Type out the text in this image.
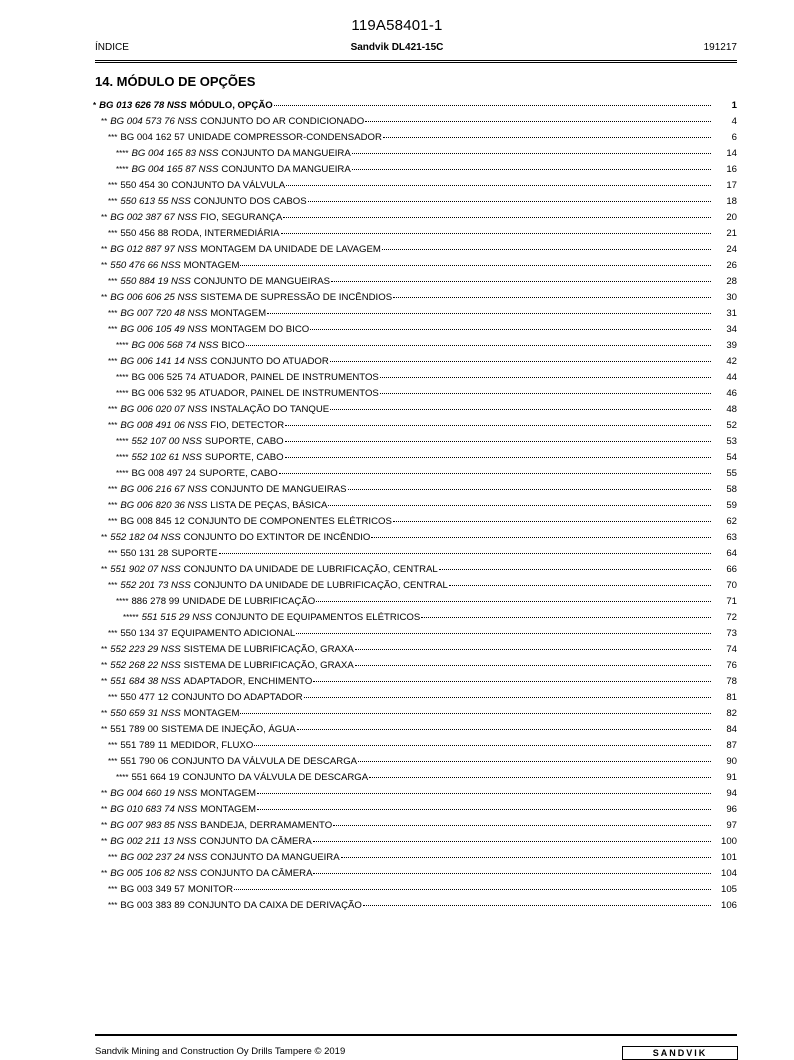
119A58401-1
ÍNDICE	Sandvik DL421-15C	191217
14. MÓDULO DE OPÇÕES
* BG 013 626 78 NSS MÓDULO, OPÇÃO	1
** BG 004 573 76 NSS CONJUNTO DO AR CONDICIONADO	4
*** BG 004 162 57 UNIDADE COMPRESSOR-CONDENSADOR	6
**** BG 004 165 83 NSS CONJUNTO DA MANGUEIRA	14
**** BG 004 165 87 NSS CONJUNTO DA MANGUEIRA	16
*** 550 454 30 CONJUNTO DA VÁLVULA	17
*** 550 613 55 NSS CONJUNTO DOS CABOS	18
** BG 002 387 67 NSS FIO, SEGURANÇA	20
*** 550 456 88 RODA, INTERMEDIÁRIA	21
** BG 012 887 97 NSS MONTAGEM DA UNIDADE DE LAVAGEM	24
** 550 476 66 NSS MONTAGEM	26
*** 550 884 19 NSS CONJUNTO DE MANGUEIRAS	28
** BG 006 606 25 NSS SISTEMA DE SUPRESSÃO DE INCÊNDIOS	30
*** BG 007 720 48 NSS MONTAGEM	31
*** BG 006 105 49 NSS MONTAGEM DO BICO	34
**** BG 006 568 74 NSS BICO	39
*** BG 006 141 14 NSS CONJUNTO DO ATUADOR	42
**** BG 006 525 74 ATUADOR, PAINEL DE INSTRUMENTOS	44
**** BG 006 532 95 ATUADOR, PAINEL DE INSTRUMENTOS	46
*** BG 006 020 07 NSS INSTALAÇÃO DO TANQUE	48
*** BG 008 491 06 NSS FIO, DETECTOR	52
**** 552 107 00 NSS SUPORTE, CABO	53
**** 552 102 61 NSS SUPORTE, CABO	54
**** BG 008 497 24 SUPORTE, CABO	55
*** BG 006 216 67 NSS CONJUNTO DE MANGUEIRAS	58
*** BG 006 820 36 NSS LISTA DE PEÇAS, BÁSICA	59
*** BG 008 845 12 CONJUNTO DE COMPONENTES ELÉTRICOS	62
** 552 182 04 NSS CONJUNTO DO EXTINTOR DE INCÊNDIO	63
*** 550 131 28 SUPORTE	64
** 551 902 07 NSS CONJUNTO DA UNIDADE DE LUBRIFICAÇÃO, CENTRAL	66
*** 552 201 73 NSS CONJUNTO DA UNIDADE DE LUBRIFICAÇÃO, CENTRAL	70
**** 886 278 99 UNIDADE DE LUBRIFICAÇÃO	71
***** 551 515 29 NSS CONJUNTO DE EQUIPAMENTOS ELÉTRICOS	72
*** 550 134 37 EQUIPAMENTO ADICIONAL	73
** 552 223 29 NSS SISTEMA DE LUBRIFICAÇÃO, GRAXA	74
** 552 268 22 NSS SISTEMA DE LUBRIFICAÇÃO, GRAXA	76
** 551 684 38 NSS ADAPTADOR, ENCHIMENTO	78
*** 550 477 12 CONJUNTO DO ADAPTADOR	81
** 550 659 31 NSS MONTAGEM	82
** 551 789 00 SISTEMA DE INJEÇÃO, ÁGUA	84
*** 551 789 11 MEDIDOR, FLUXO	87
*** 551 790 06 CONJUNTO DA VÁLVULA DE DESCARGA	90
**** 551 664 19 CONJUNTO DA VÁLVULA DE DESCARGA	91
** BG 004 660 19 NSS MONTAGEM	94
** BG 010 683 74 NSS MONTAGEM	96
** BG 007 983 85 NSS BANDEJA, DERRAMAMENTO	97
** BG 002 211 13 NSS CONJUNTO DA CÂMERA	100
*** BG 002 237 24 NSS CONJUNTO DA MANGUEIRA	101
** BG 005 106 82 NSS CONJUNTO DA CÂMERA	104
*** BG 003 349 57 MONITOR	105
*** BG 003 383 89 CONJUNTO DA CAIXA DE DERIVAÇÃO	106
Sandvik Mining and Construction Oy Drills Tampere © 2019	SANDVIK
